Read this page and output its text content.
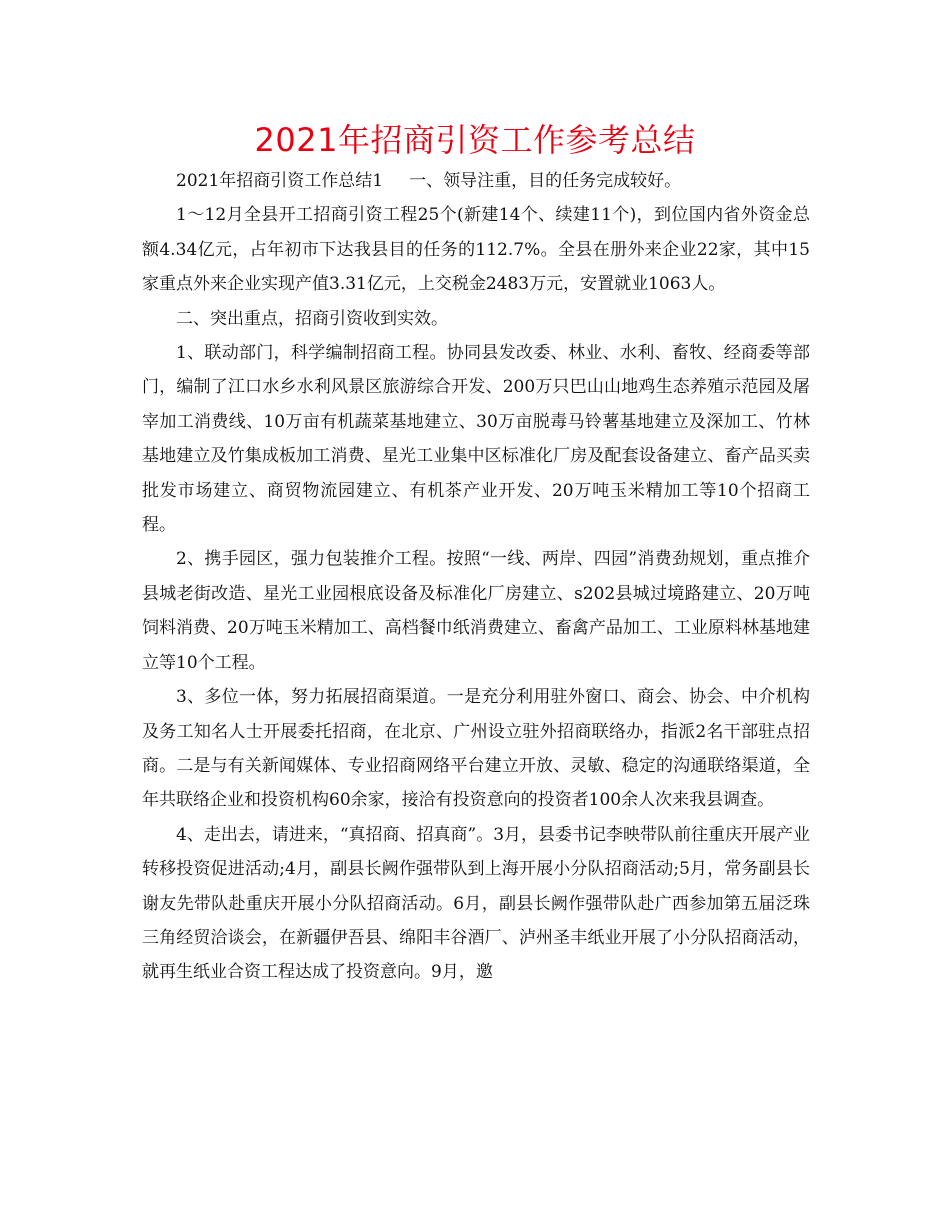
2021年招商引资工作参考总结

2021年招商引资工作总结1 一、领导注重，目的任务完成较好。

1～12月全县开工招商引资工程25个(新建14个、续建11个)，到位国内省外资金总额4.34亿元，占年初市下达我县目的任务的112.7%。全县在册外来企业22家，其中15家重点外来企业实现产值3.31亿元，上交税金2483万元，安置就业1063人。

二、突出重点，招商引资收到实效。

1、联动部门，科学编制招商工程。协同县发改委、林业、水利、畜牧、经商委等部门，编制了江口水乡水利风景区旅游综合开发、200万只巴山山地鸡生态养殖示范园及屠宰加工消费线、10万亩有机蔬菜基地建立、30万亩脱毒马铃薯基地建立及深加工、竹林基地建立及竹集成板加工消费、星光工业集中区标准化厂房及配套设备建立、畜产品买卖批发市场建立、商贸物流园建立、有机茶产业开发、20万吨玉米精加工等10个招商工程。

2、携手园区，强力包装推介工程。按照“一线、两岸、四园”消费劲规划，重点推介县城老街改造、星光工业园根底设备及标准化厂房建立、s202县城过境路建立、20万吨饲料消费、20万吨玉米精加工、高档餐巾纸消费建立、畜禽产品加工、工业原料林基地建立等10个工程。

3、多位一体，努力拓展招商渠道。一是充分利用驻外窗口、商会、协会、中介机构及务工知名人士开展委托招商，在北京、广州设立驻外招商联络办，指派2名干部驻点招商。二是与有关新闻媒体、专业招商网络平台建立开放、灵敏、稳定的沟通联络渠道，全年共联络企业和投资机构60余家，接洽有投资意向的投资者100余人次来我县调查。

4、走出去，请进来，“真招商、招真商”。3月，县委书记李映带队前往重庆开展产业转移投资促进活动;4月，副县长阙作强带队到上海开展小分队招商活动;5月，常务副县长谢友先带队赴重庆开展小分队招商活动。6月，副县长阙作强带队赴广西参加第五届泛珠三角经贸洽谈会，在新疆伊吾县、绵阳丰谷酒厂、泸州圣丰纸业开展了小分队招商活动，就再生纸业合资工程达成了投资意向。9月，邀
